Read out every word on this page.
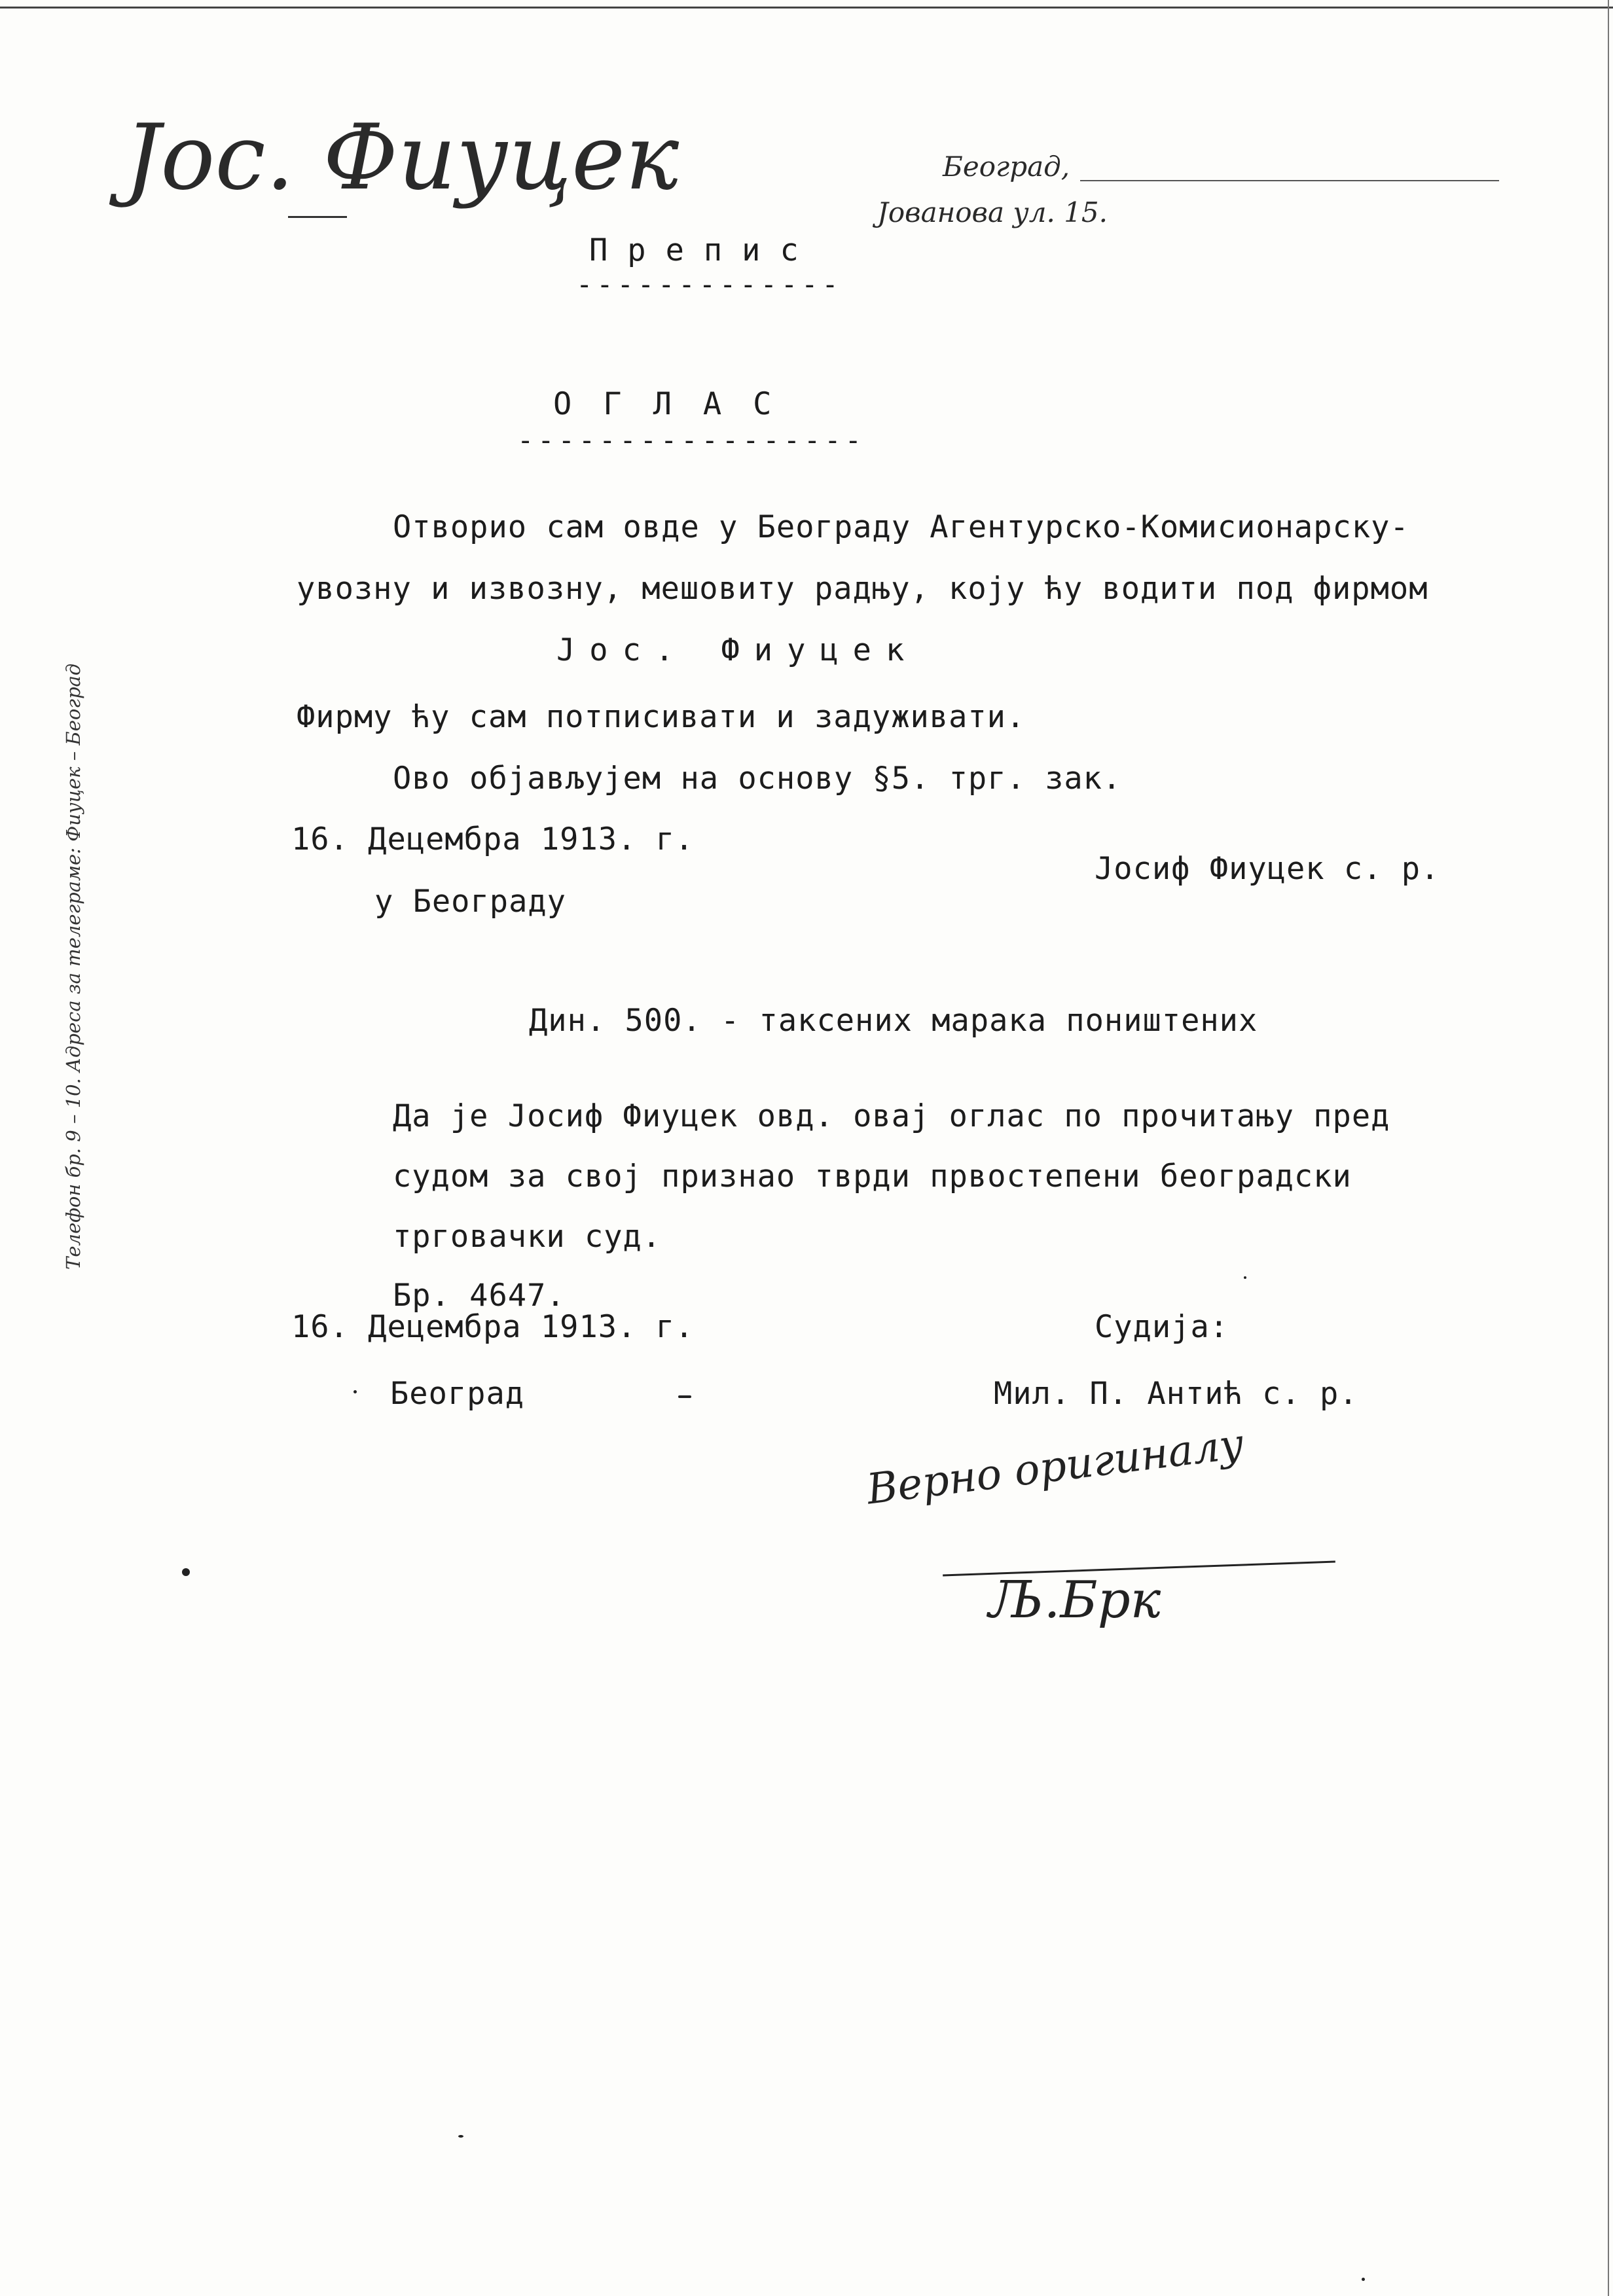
Јос. Фиуцек	Београд,
Јованова ул. 15.
Телефон бр. 9 – 10. Адреса за телеграме: Фиуцек – Београд
Препис
-------------
ОГЛАС
-----------------
Отворио сам овде у Београду Агентурско-Комисионарску-
увозну и извозну, мешовиту радњу, коју ћу водити под фирмом
Јос. Фиуцек
Фирму ћу сам потписивати и задуживати.
Ово објављујем на основу §5. трг. зак.
16. Децембра 1913. г.
у Београду
Јосиф Фиуцек с. р.
Дин. 500. - таксених марака поништених
Да је Јосиф Фиуцек овд. овај оглас по прочитању пред
судом за свој признао тврди првостепени београдски
трговачки суд.
Бр. 4647.
16. Децембра 1913. г.	Судија:
Београд	Мил. П. Антић с. р.
Верно оригиналу
Љ.Брк
